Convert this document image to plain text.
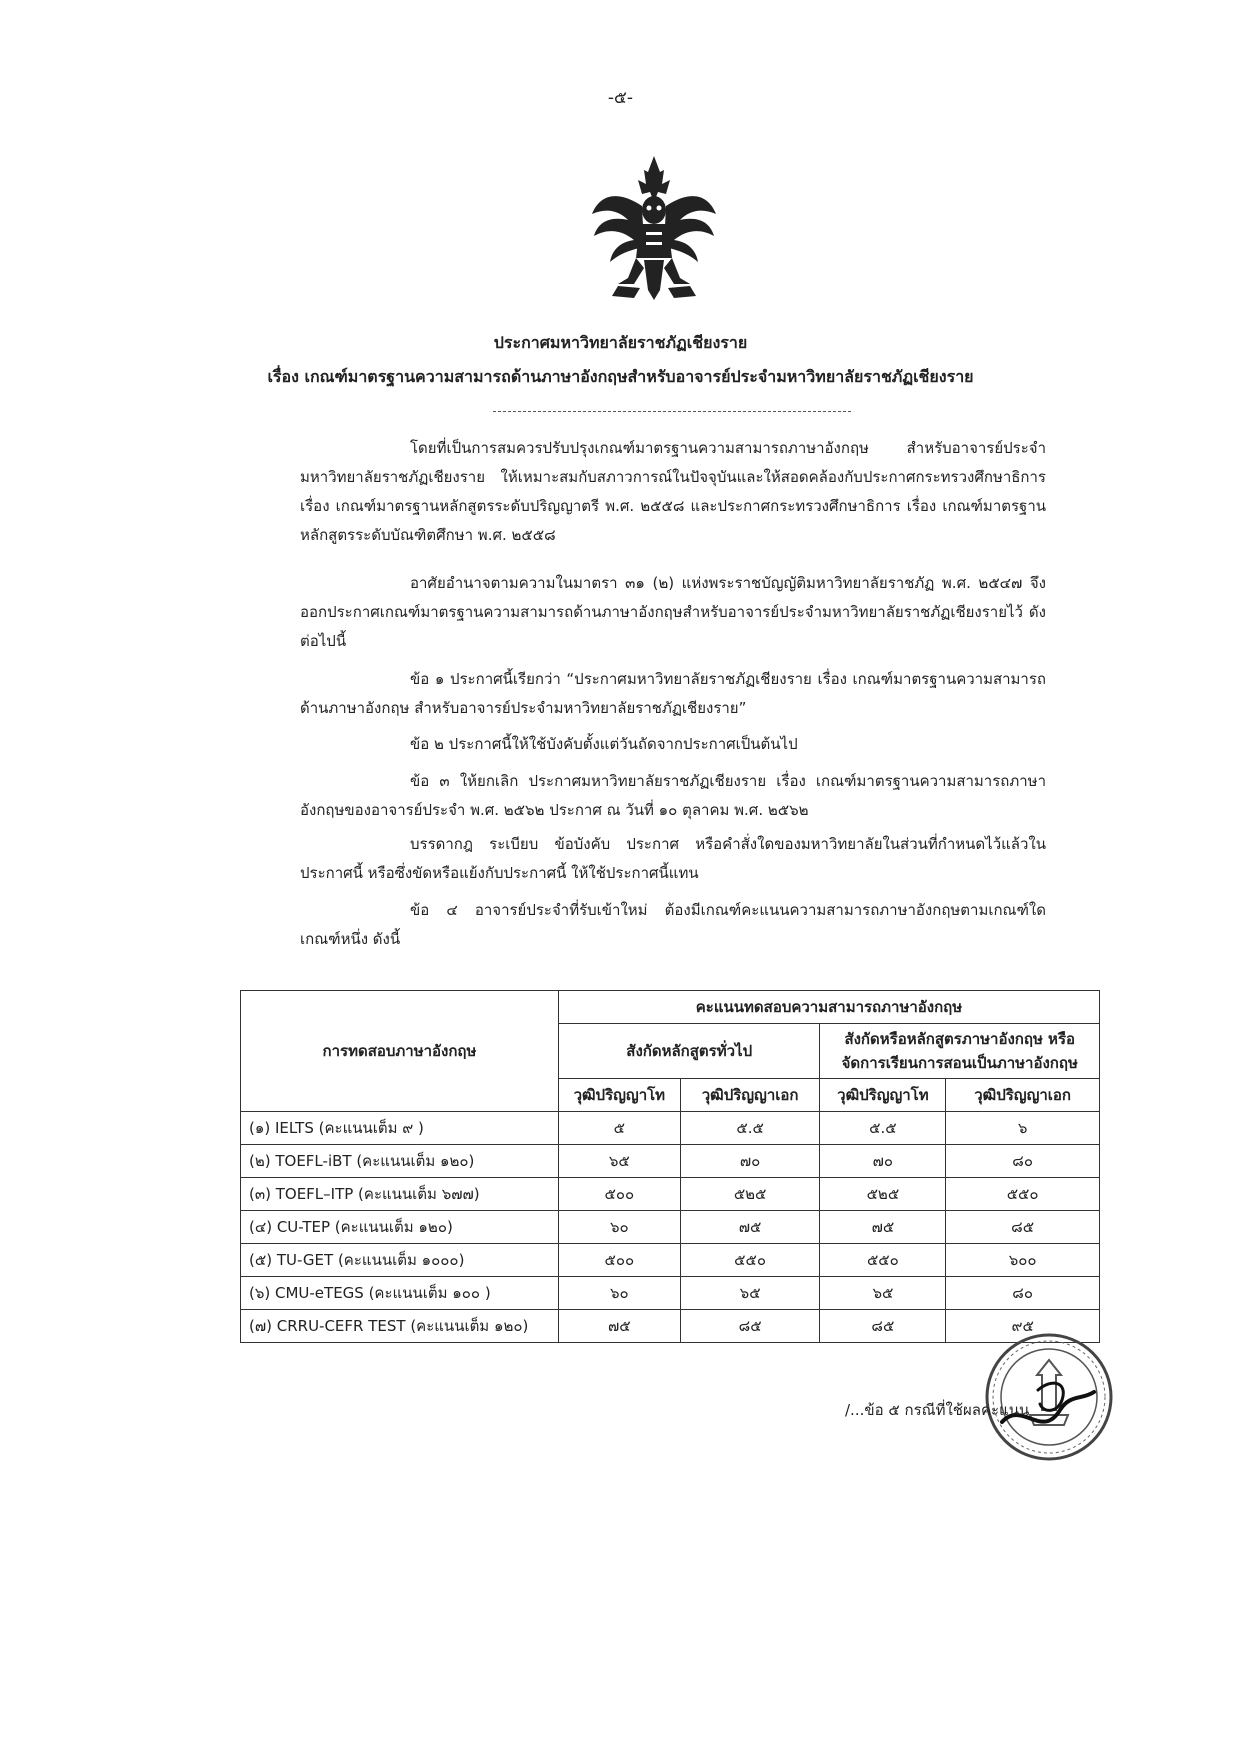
-๕-
ประกาศมหาวิทยาลัยราชภัฏเชียงราย
เรื่อง เกณฑ์มาตรฐานความสามารถด้านภาษาอังกฤษสำหรับอาจารย์ประจำมหาวิทยาลัยราชภัฏเชียงราย

โดยที่เป็นการสมควรปรับปรุงเกณฑ์มาตรฐานความสามารถภาษาอังกฤษ สำหรับอาจารย์ประจำมหาวิทยาลัยราชภัฏเชียงราย ให้เหมาะสมกับสภาวการณ์ในปัจจุบันและให้สอดคล้องกับประกาศกระทรวงศึกษาธิการ เรื่อง เกณฑ์มาตรฐานหลักสูตรระดับปริญญาตรี พ.ศ. ๒๕๕๘ และประกาศกระทรวงศึกษาธิการ เรื่อง เกณฑ์มาตรฐานหลักสูตรระดับบัณฑิตศึกษา พ.ศ. ๒๕๕๘

อาศัยอำนาจตามความในมาตรา ๓๑ (๒) แห่งพระราชบัญญัติมหาวิทยาลัยราชภัฏ พ.ศ. ๒๕๔๗ จึงออกประกาศเกณฑ์มาตรฐานความสามารถด้านภาษาอังกฤษสำหรับอาจารย์ประจำมหาวิทยาลัยราชภัฏเชียงรายไว้ ดังต่อไปนี้

ข้อ ๑ ประกาศนี้เรียกว่า “ประกาศมหาวิทยาลัยราชภัฏเชียงราย เรื่อง เกณฑ์มาตรฐานความสามารถด้านภาษาอังกฤษ สำหรับอาจารย์ประจำมหาวิทยาลัยราชภัฏเชียงราย”

ข้อ ๒ ประกาศนี้ให้ใช้บังคับตั้งแต่วันถัดจากประกาศเป็นต้นไป

ข้อ ๓ ให้ยกเลิก ประกาศมหาวิทยาลัยราชภัฏเชียงราย เรื่อง เกณฑ์มาตรฐานความสามารถภาษาอังกฤษของอาจารย์ประจำ พ.ศ. ๒๕๖๒ ประกาศ ณ วันที่ ๑๐ ตุลาคม พ.ศ. ๒๕๖๒

บรรดากฎ ระเบียบ ข้อบังคับ ประกาศ หรือคำสั่งใดของมหาวิทยาลัยในส่วนที่กำหนดไว้แล้วในประกาศนี้ หรือซึ่งขัดหรือแย้งกับประกาศนี้ ให้ใช้ประกาศนี้แทน

ข้อ ๔ อาจารย์ประจำที่รับเข้าใหม่ ต้องมีเกณฑ์คะแนนความสามารถภาษาอังกฤษตามเกณฑ์ใดเกณฑ์หนึ่ง ดังนี้

การทดสอบภาษาอังกฤษ	คะแนนทดสอบความสามารถภาษาอังกฤษ			
	สังกัดหลักสูตรทั่วไป		สังกัดหรือหลักสูตรภาษาอังกฤษ หรือจัดการเรียนการสอนเป็นภาษาอังกฤษ	
	วุฒิปริญญาโท	วุฒิปริญญาเอก	วุฒิปริญญาโท	วุฒิปริญญาเอก
(๑) IELTS (คะแนนเต็ม ๙ )	๕	๕.๕	๕.๕	๖
(๒) TOEFL-iBT (คะแนนเต็ม ๑๒๐)	๖๕	๗๐	๗๐	๘๐
(๓) TOEFL–ITP (คะแนนเต็ม ๖๗๗)	๕๐๐	๕๒๕	๕๒๕	๕๕๐
(๔) CU-TEP (คะแนนเต็ม ๑๒๐)	๖๐	๗๕	๗๕	๘๕
(๕) TU-GET (คะแนนเต็ม ๑๐๐๐)	๕๐๐	๕๕๐	๕๕๐	๖๐๐
(๖) CMU-eTEGS (คะแนนเต็ม ๑๐๐ )	๖๐	๖๕	๖๕	๘๐
(๗) CRRU-CEFR TEST (คะแนนเต็ม ๑๒๐)	๗๕	๘๕	๘๕	๙๕
/...ข้อ ๕ กรณีที่ใช้ผลคะแนน
